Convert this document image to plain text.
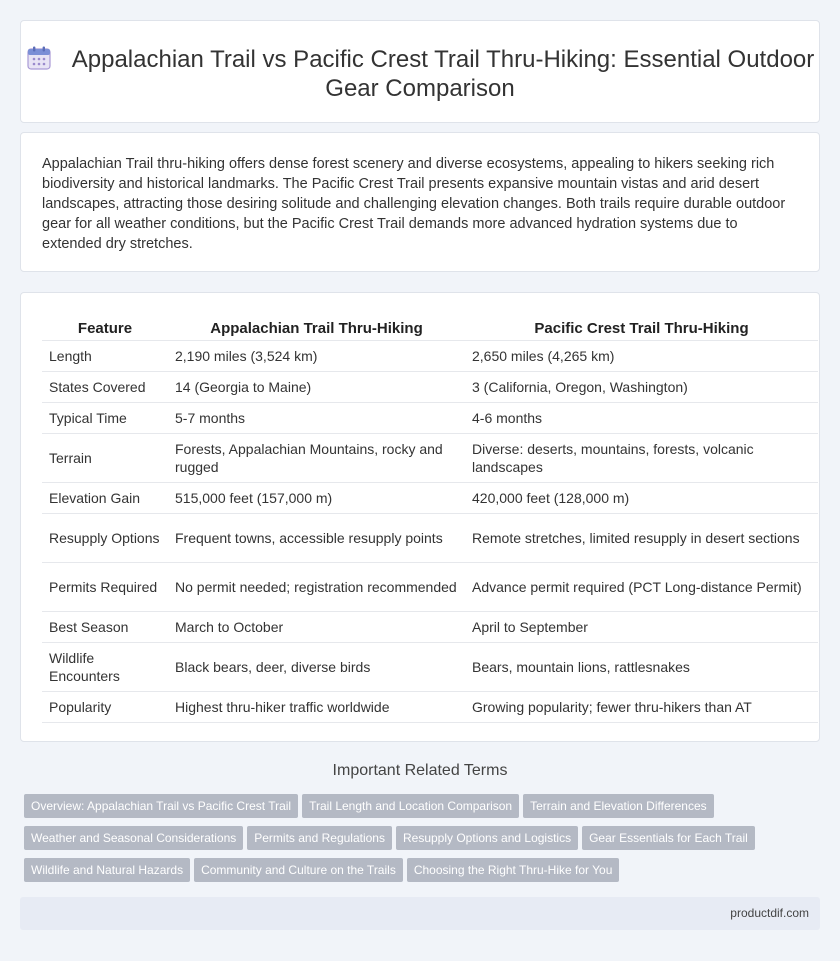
Appalachian Trail vs Pacific Crest Trail Thru-Hiking: Essential Outdoor Gear Comparison

Appalachian Trail thru-hiking offers dense forest scenery and diverse ecosystems, appealing to hikers seeking rich biodiversity and historical landmarks. The Pacific Crest Trail presents expansive mountain vistas and arid desert landscapes, attracting those desiring solitude and challenging elevation changes. Both trails require durable outdoor gear for all weather conditions, but the Pacific Crest Trail demands more advanced hydration systems due to extended dry stretches.

Feature	Appalachian Trail Thru-Hiking	Pacific Crest Trail Thru-Hiking
Length	2,190 miles (3,524 km)	2,650 miles (4,265 km)
States Covered	14 (Georgia to Maine)	3 (California, Oregon, Washington)
Typical Time	5-7 months	4-6 months
Terrain	Forests, Appalachian Mountains, rocky and rugged	Diverse: deserts, mountains, forests, volcanic landscapes
Elevation Gain	515,000 feet (157,000 m)	420,000 feet (128,000 m)
Resupply Options	Frequent towns, accessible resupply points	Remote stretches, limited resupply in desert sections
Permits Required	No permit needed; registration recommended	Advance permit required (PCT Long-distance Permit)
Best Season	March to October	April to September
Wildlife Encounters	Black bears, deer, diverse birds	Bears, mountain lions, rattlesnakes
Popularity	Highest thru-hiker traffic worldwide	Growing popularity; fewer thru-hikers than AT
Important Related Terms
Overview: Appalachian Trail vs Pacific Crest Trail Trail Length and Location Comparison Terrain and Elevation DifferencesWeather and Seasonal Considerations Permits and Regulations Resupply Options and Logistics Gear Essentials for Each TrailWildlife and Natural Hazards Community and Culture on the Trails Choosing the Right Thru-Hike for You
productdif.com
